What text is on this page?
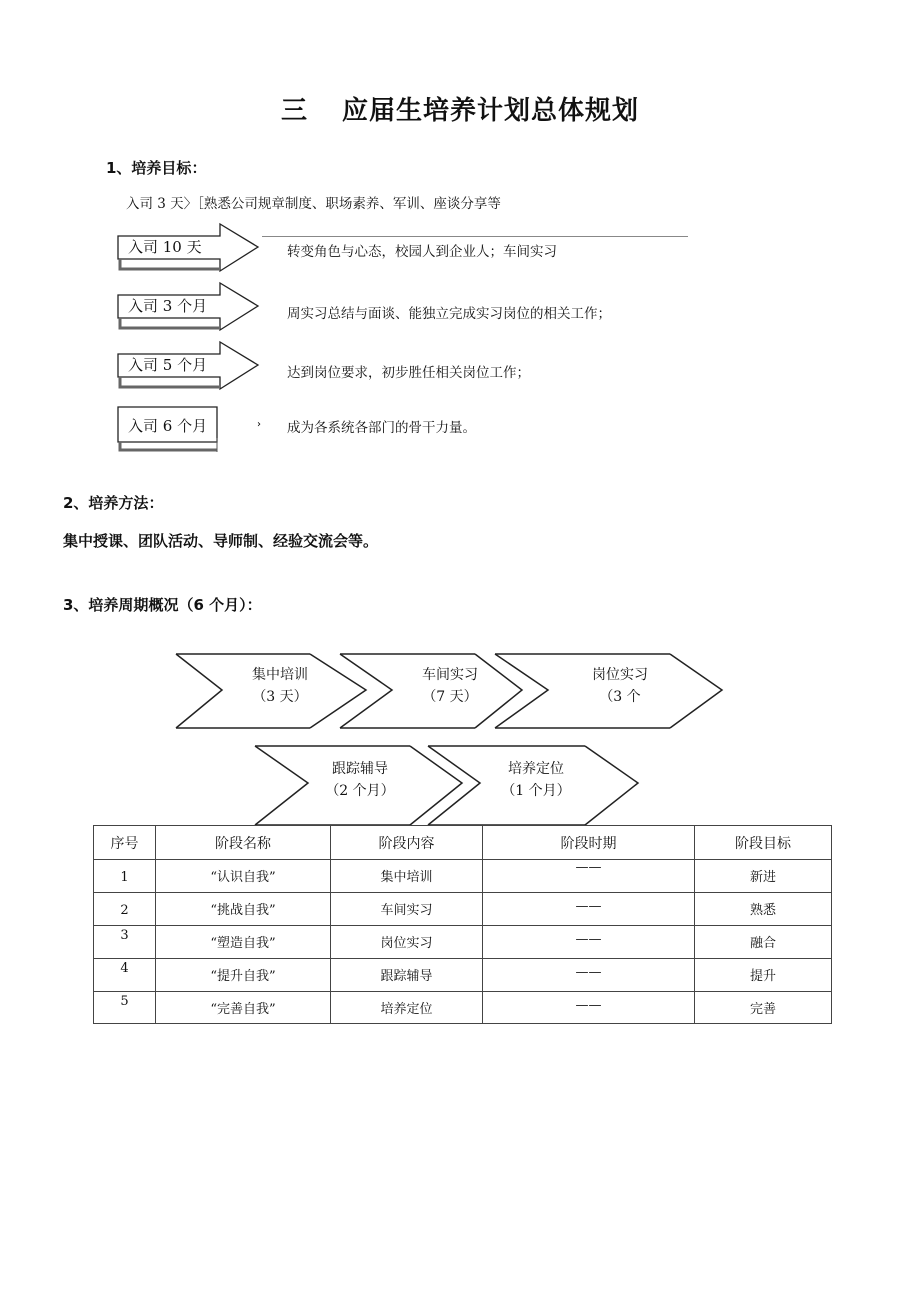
三 应届生培养计划总体规划
1、培养目标：
入司 3 天〉［熟悉公司规章制度、职场素养、军训、座谈分享等
入司 10 天	转变角色与心态，校园人到企业人；车间实习
入司 3 个月	周实习总结与面谈、能独立完成实习岗位的相关工作；
入司 5 个月	达到岗位要求，初步胜任相关岗位工作；
›
入司 6 个月	成为各系统各部门的骨干力量。
2、培养方法：
集中授课、团队活动、导师制、经验交流会等。
3、培养周期概况（6 个月）：
集中培训
（3 天）
车间实习
（7 天）
岗位实习
（3 个
跟踪辅导
（2 个月）
培养定位
（1 个月）
序号	阶段名称	阶段内容	阶段时期	阶段目标
1	“认识自我”	集中培训	——	新进
2	“挑战自我”	车间实习	——	熟悉
3	“塑造自我”	岗位实习	——	融合
4	“提升自我”	跟踪辅导	——	提升
5	“完善自我”	培养定位	——	完善
